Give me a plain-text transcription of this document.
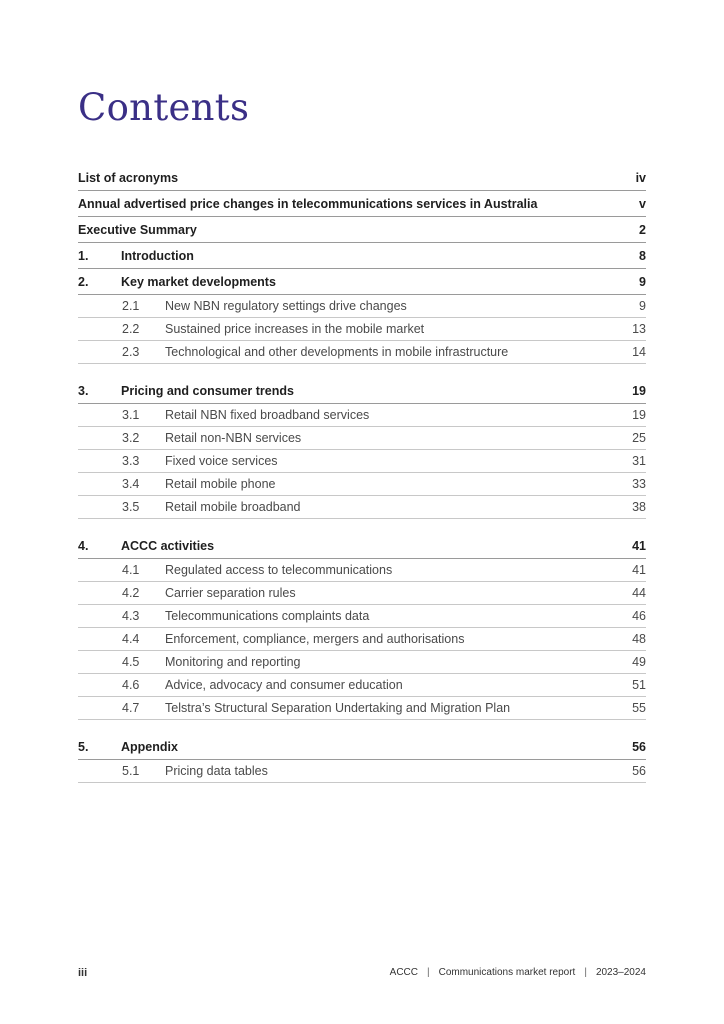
Contents
List of acronyms	iv
Annual advertised price changes in telecommunications services in Australia	v
Executive Summary	2
1.	Introduction	8
2.	Key market developments	9
2.1	New NBN regulatory settings drive changes	9
2.2	Sustained price increases in the mobile market	13
2.3	Technological and other developments in mobile infrastructure	14
3.	Pricing and consumer trends	19
3.1	Retail NBN fixed broadband services	19
3.2	Retail non-NBN services	25
3.3	Fixed voice services	31
3.4	Retail mobile phone	33
3.5	Retail mobile broadband	38
4.	ACCC activities	41
4.1	Regulated access to telecommunications	41
4.2	Carrier separation rules	44
4.3	Telecommunications complaints data	46
4.4	Enforcement, compliance, mergers and authorisations	48
4.5	Monitoring and reporting	49
4.6	Advice, advocacy and consumer education	51
4.7	Telstra’s Structural Separation Undertaking and Migration Plan	55
5.	Appendix	56
5.1	Pricing data tables	56
iii	ACCC | Communications market report | 2023–2024
